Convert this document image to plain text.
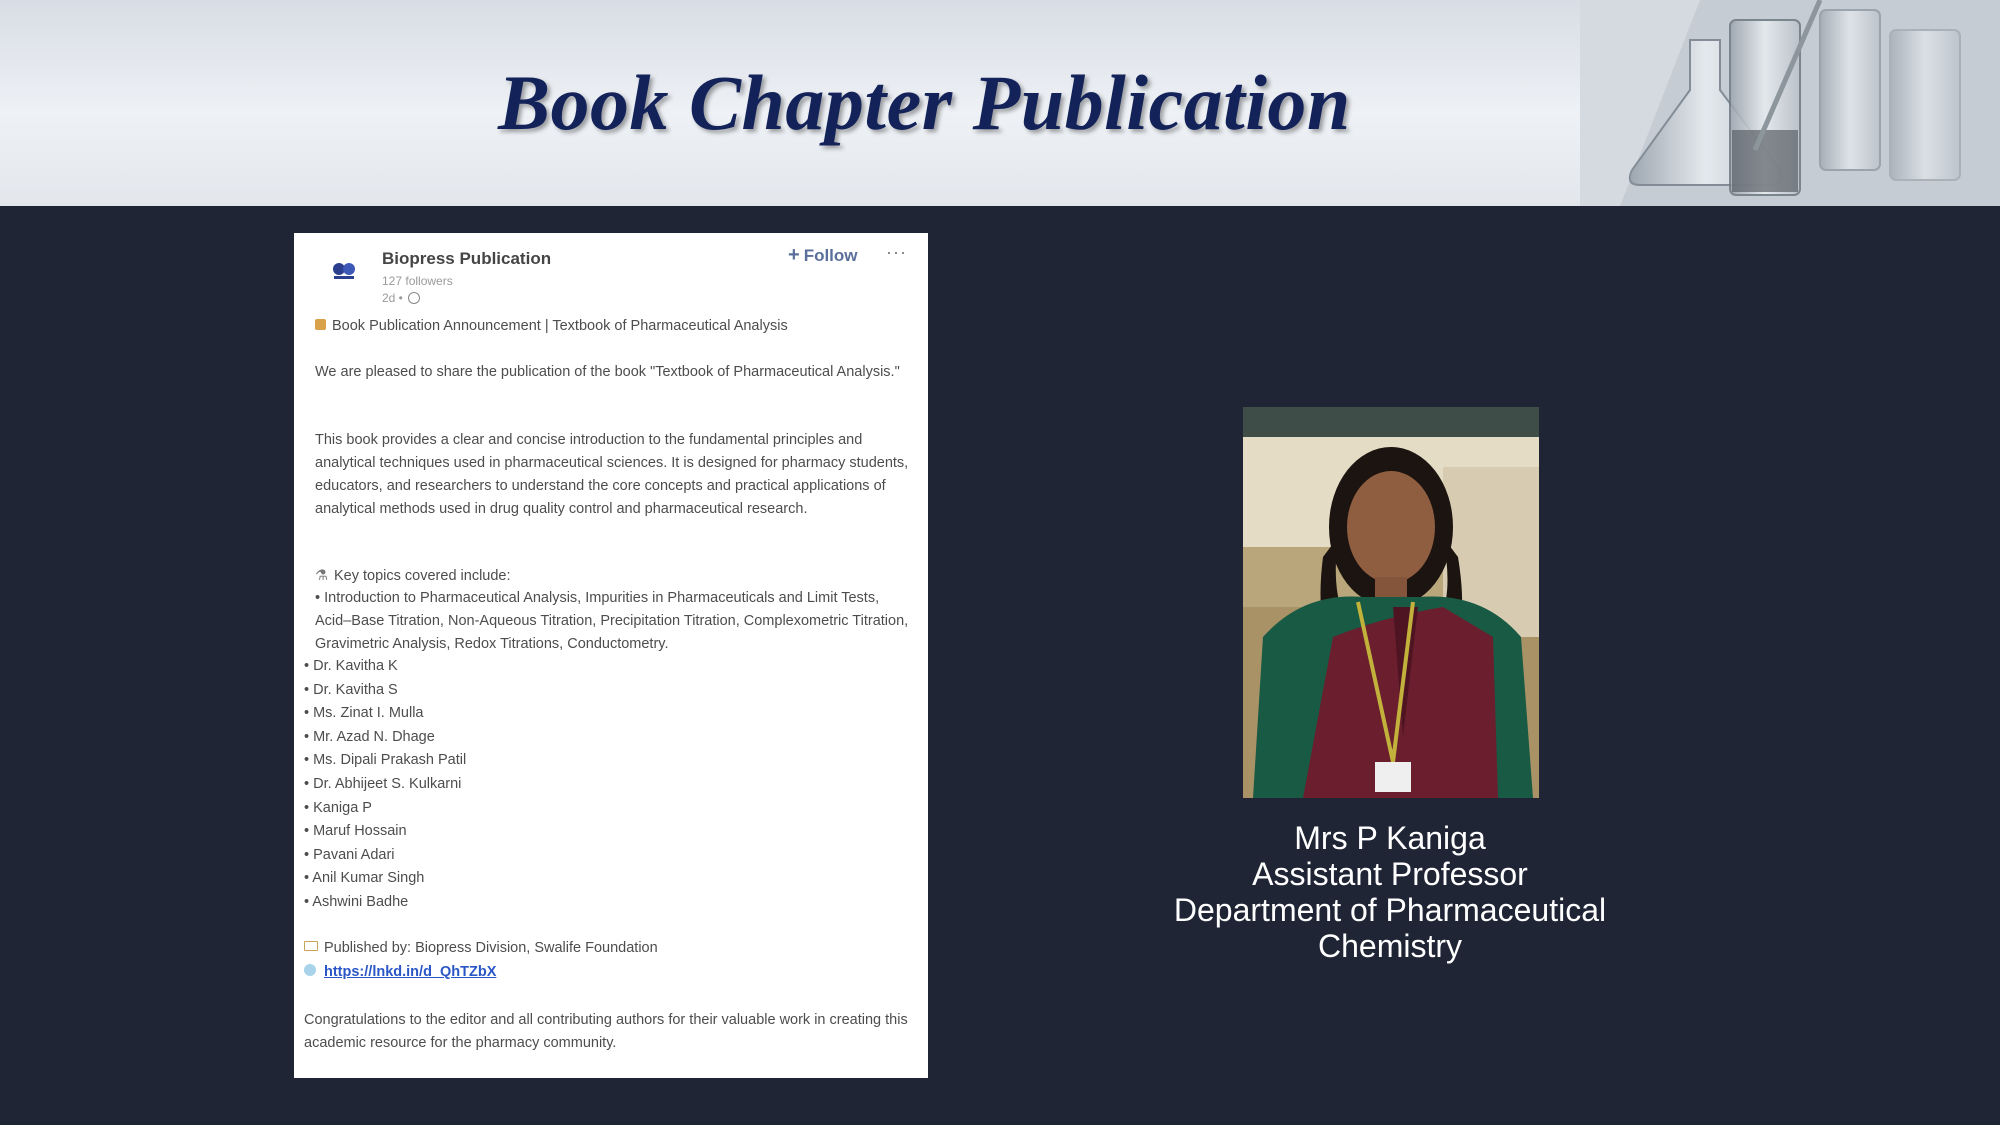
Book Chapter Publication
Biopress Publication
127 followers
2d •
+ Follow ···
Book Publication Announcement | Textbook of Pharmaceutical Analysis
We are pleased to share the publication of the book "Textbook of Pharmaceutical Analysis."
This book provides a clear and concise introduction to the fundamental principles and analytical techniques used in pharmaceutical sciences. It is designed for pharmacy students, educators, and researchers to understand the core concepts and practical applications of analytical methods used in drug quality control and pharmaceutical research.
⚗ Key topics covered include:
• Introduction to Pharmaceutical Analysis, Impurities in Pharmaceuticals and Limit Tests, Acid–Base Titration, Non-Aqueous Titration, Precipitation Titration, Complexometric Titration, Gravimetric Analysis, Redox Titrations, Conductometry.
• Dr. Kavitha K
• Dr. Kavitha S
• Ms. Zinat I. Mulla
• Mr. Azad N. Dhage
• Ms. Dipali Prakash Patil
• Dr. Abhijeet S. Kulkarni
• Kaniga P
• Maruf Hossain
• Pavani Adari
• Anil Kumar Singh
• Ashwini Badhe
Published by: Biopress Division, Swalife Foundation
https://lnkd.in/d_QhTZbX
Congratulations to the editor and all contributing authors for their valuable work in creating this academic resource for the pharmacy community.
Mrs P Kaniga
Assistant Professor
Department of Pharmaceutical
Chemistry
